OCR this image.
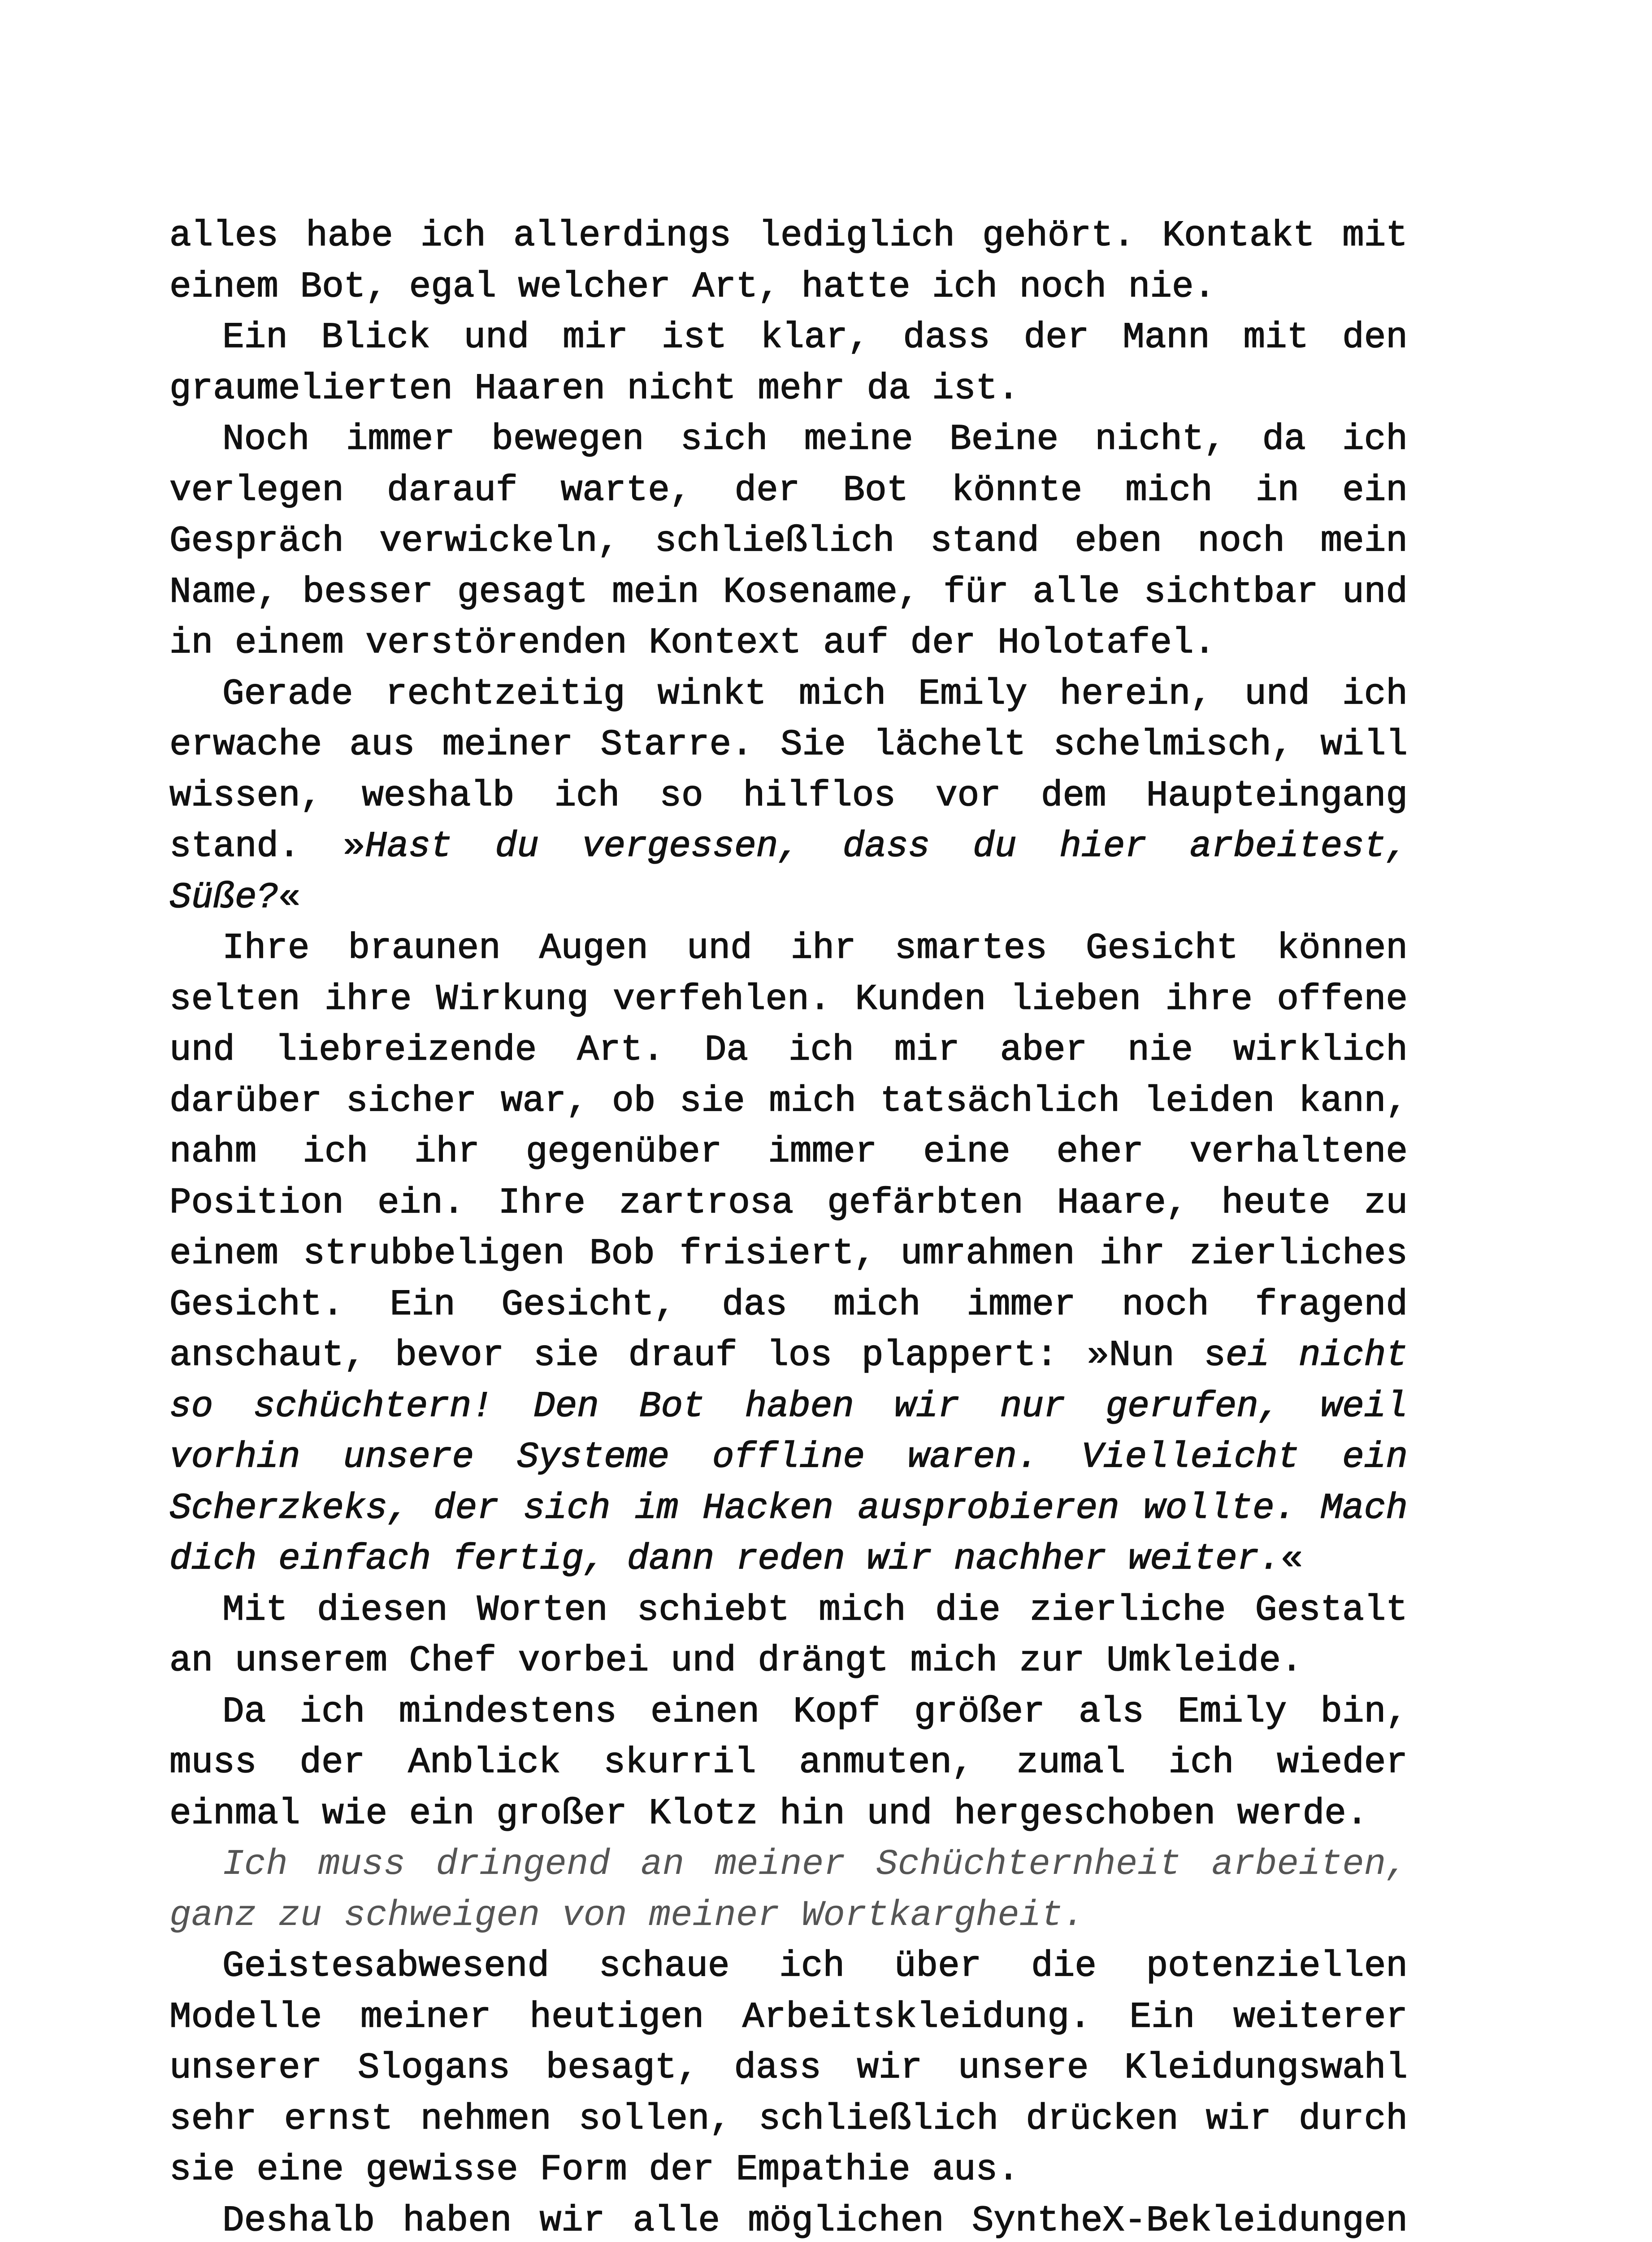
alles habe ich allerdings lediglich gehört. Kontakt mit einem Bot, egal welcher Art, hatte ich noch nie.

Ein Blick und mir ist klar, dass der Mann mit den graumelierten Haaren nicht mehr da ist.

Noch immer bewegen sich meine Beine nicht, da ich verlegen darauf warte, der Bot könnte mich in ein Gespräch verwickeln, schließlich stand eben noch mein Name, besser gesagt mein Kosename, für alle sichtbar und in einem verstörenden Kontext auf der Holotafel.

Gerade rechtzeitig winkt mich Emily herein, und ich erwache aus meiner Starre. Sie lächelt schelmisch, will wissen, weshalb ich so hilflos vor dem Haupteingang stand. »Hast du vergessen, dass du hier arbeitest, Süße?«

Ihre braunen Augen und ihr smartes Gesicht können selten ihre Wirkung verfehlen. Kunden lieben ihre offene und liebreizende Art. Da ich mir aber nie wirklich darüber sicher war, ob sie mich tatsächlich leiden kann, nahm ich ihr gegenüber immer eine eher verhaltene Position ein. Ihre zartrosa gefärbten Haare, heute zu einem strubbeligen Bob frisiert, umrahmen ihr zierliches Gesicht. Ein Gesicht, das mich immer noch fragend anschaut, bevor sie drauf los plappert: »Nun sei nicht so schüchtern! Den Bot haben wir nur gerufen, weil vorhin unsere Systeme offline waren. Vielleicht ein Scherzkeks, der sich im Hacken ausprobieren wollte. Mach dich einfach fertig, dann reden wir nachher weiter.«

Mit diesen Worten schiebt mich die zierliche Gestalt an unserem Chef vorbei und drängt mich zur Umkleide.

Da ich mindestens einen Kopf größer als Emily bin, muss der Anblick skurril anmuten, zumal ich wieder einmal wie ein großer Klotz hin und hergeschoben werde.

Ich muss dringend an meiner Schüchternheit arbeiten, ganz zu schweigen von meiner Wortkargheit.

Geistesabwesend schaue ich über die potenziellen Modelle meiner heutigen Arbeitskleidung. Ein weiterer unserer Slogans besagt, dass wir unsere Kleidungswahl sehr ernst nehmen sollen, schließlich drücken wir durch sie eine gewisse Form der Empathie aus.

Deshalb haben wir alle möglichen SyntheX-Bekleidungen
